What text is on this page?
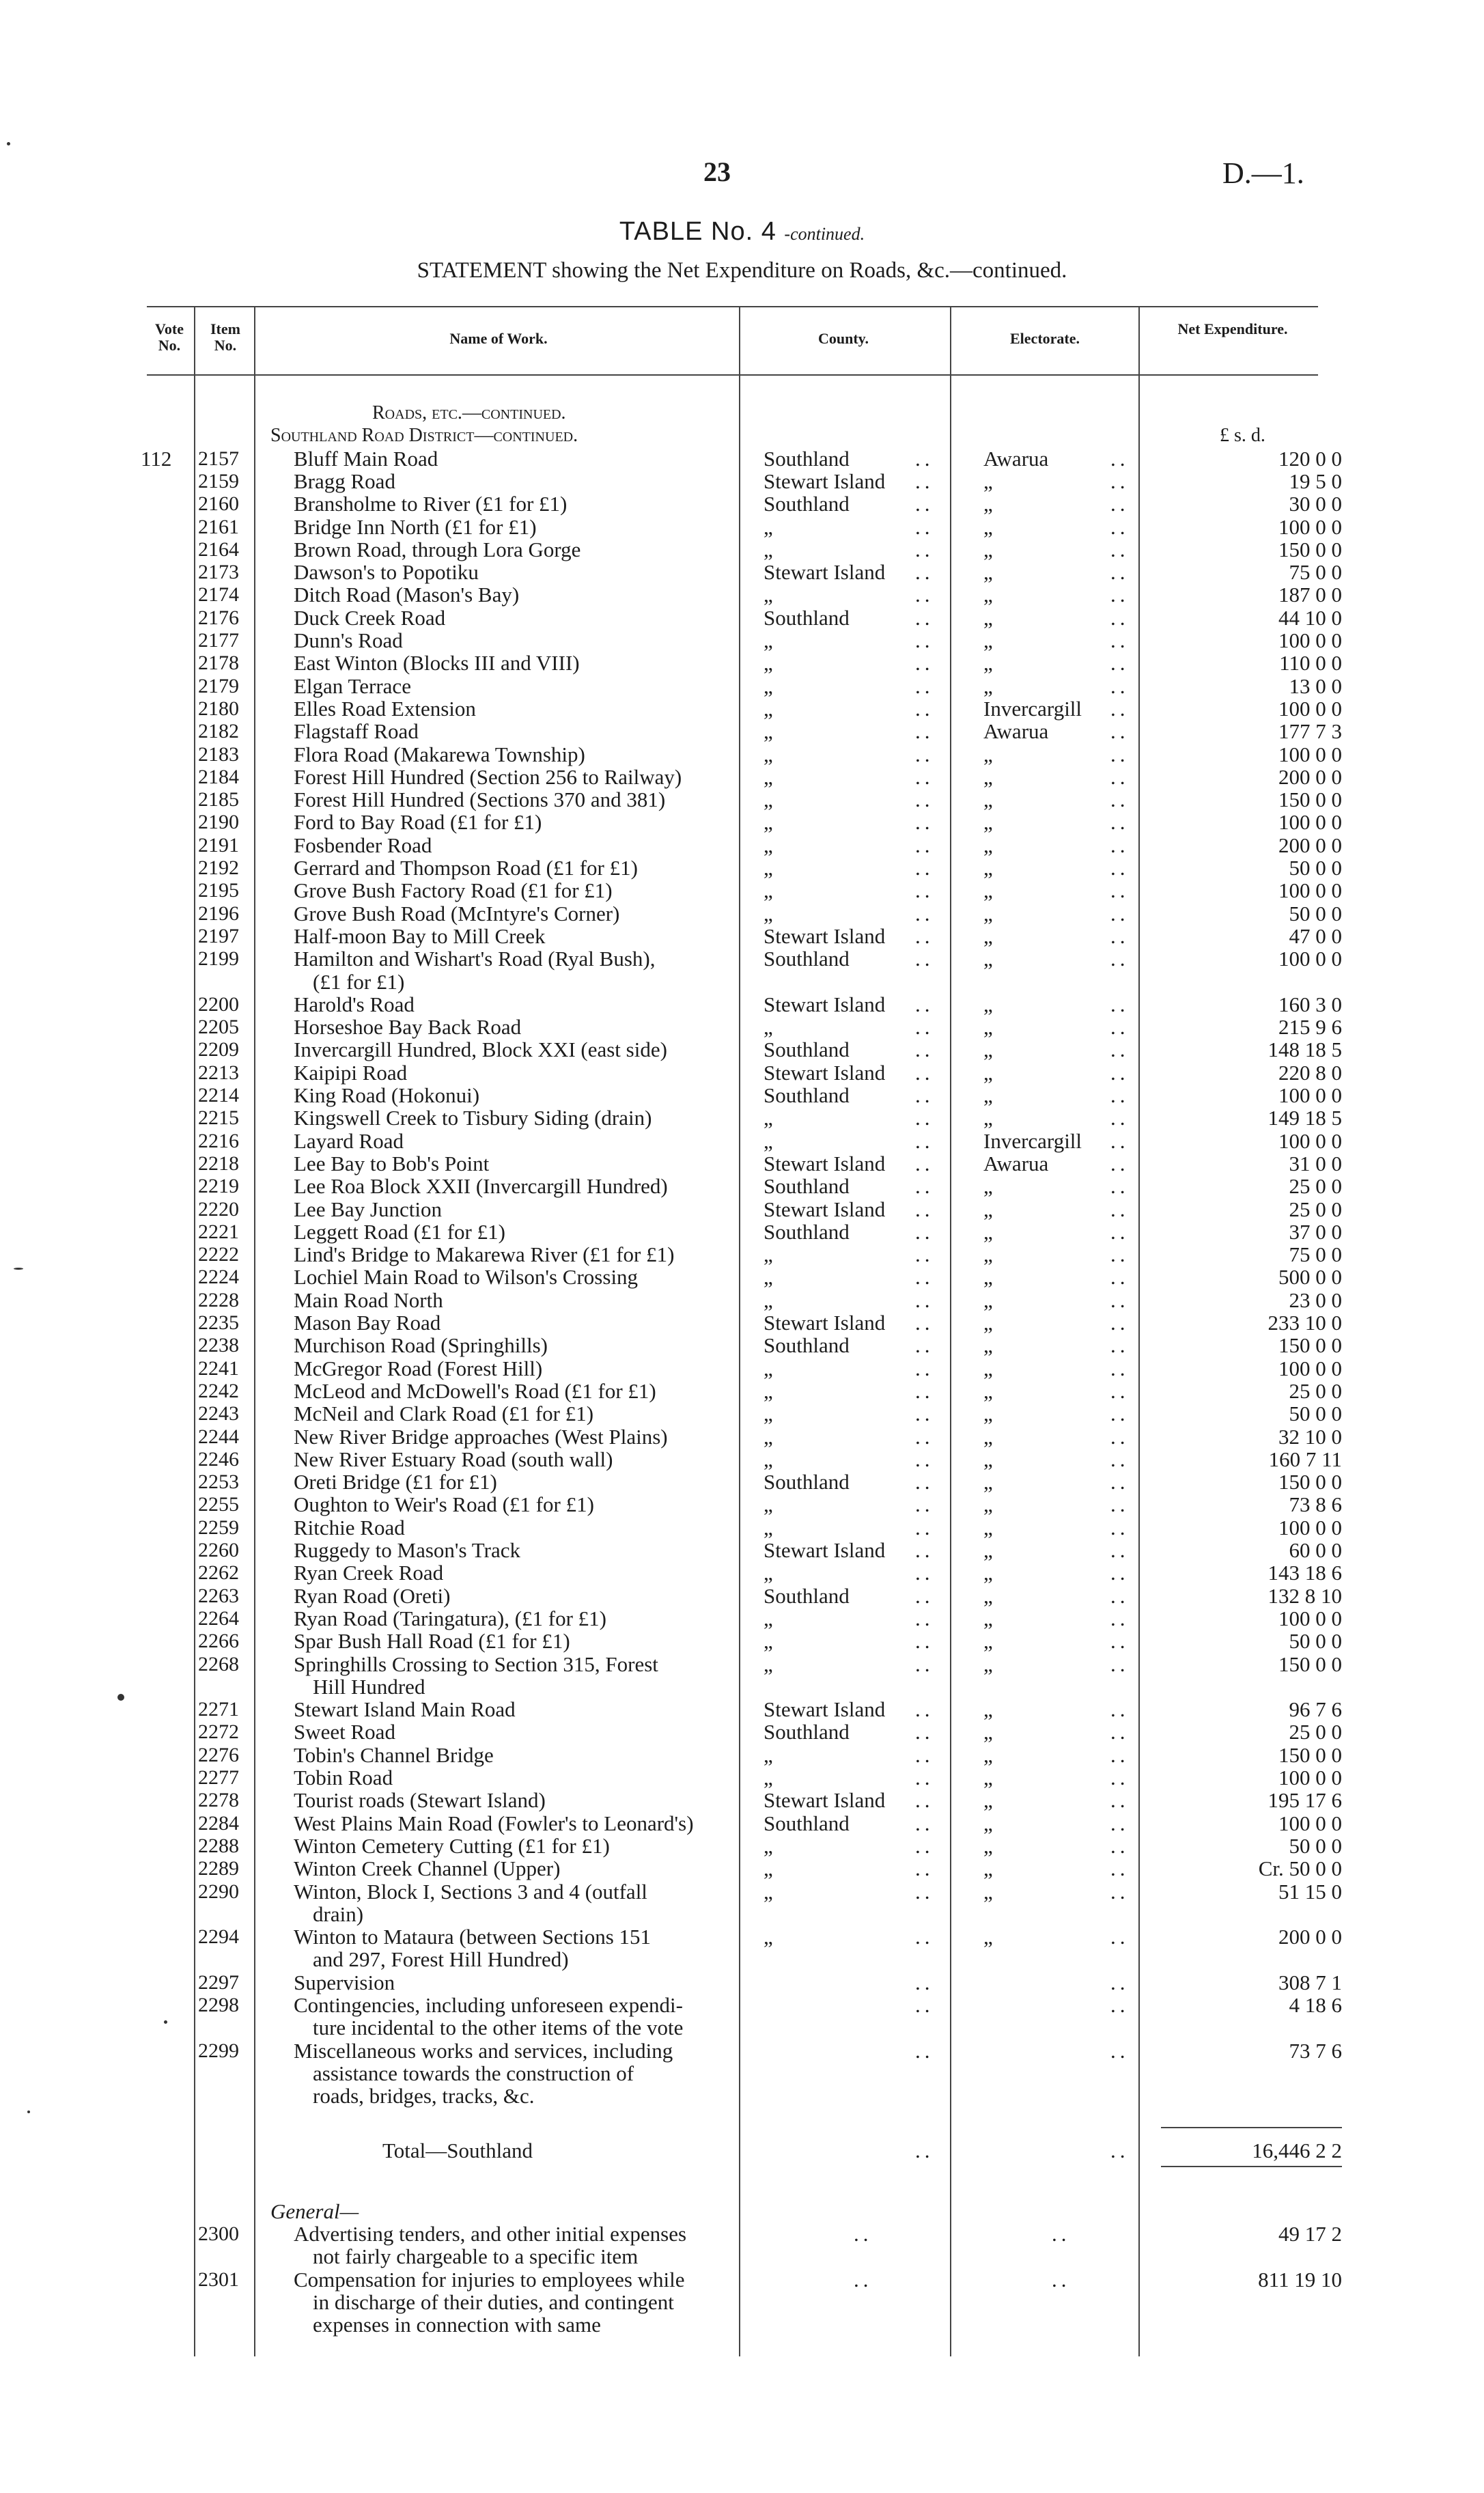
23	D.—1.
TABLE No. 4 -continued.
STATEMENT showing the Net Expenditure on Roads, &c.—continued.
Vote No.
Item No.	Name of Work.	County.	Electorate.
Net Expenditure.
Roads, etc.—continued.
Southland Road District—continued.	£ s. d.
112 2157	Bluff Main Road	Southland	.. Awarua	..	120 0 0
2159	Bragg Road	Stewart Island .. „	..	19 5 0
2160	Bransholme to River (£1 for £1)	Southland	.. „	..	30 0 0
2161	Bridge Inn North (£1 for £1)	„	.. „	..	100 0 0
2164	Brown Road, through Lora Gorge	„	.. „	..	150 0 0
2173	Dawson's to Popotiku	Stewart Island .. „	..	75 0 0
2174	Ditch Road (Mason's Bay)	„	.. „	..	187 0 0
2176	Duck Creek Road	Southland	.. „	..	44 10 0
2177	Dunn's Road	„	.. „	..	100 0 0
2178	East Winton (Blocks III and VIII)	„	.. „	..	110 0 0
2179	Elgan Terrace	„	.. „	..	13 0 0
2180	Elles Road Extension	„	.. Invercargill ..	100 0 0
2182	Flagstaff Road	„	.. Awarua	..	177 7 3
2183	Flora Road (Makarewa Township)	„	.. „	..	100 0 0
2184	Forest Hill Hundred (Section 256 to Railway)	„	.. „	..	200 0 0
2185	Forest Hill Hundred (Sections 370 and 381)	„	.. „	..	150 0 0
2190	Ford to Bay Road (£1 for £1)	„	.. „	..	100 0 0
2191	Fosbender Road	„	.. „	..	200 0 0
2192	Gerrard and Thompson Road (£1 for £1)	„	.. „	..	50 0 0
2195	Grove Bush Factory Road (£1 for £1)	„	.. „	..	100 0 0
2196	Grove Bush Road (McIntyre's Corner)	„	.. „	..	50 0 0
2197	Half-moon Bay to Mill Creek	Stewart Island .. „	..	47 0 0
2199	Hamilton and Wishart's Road (Ryal Bush),
(£1 for £1)
Southland	.. „	..	100 0 0
2200	Harold's Road	Stewart Island .. „	..	160 3 0
2205	Horseshoe Bay Back Road	„	.. „	..	215 9 6
2209	Invercargill Hundred, Block XXI (east side)	Southland	.. „	..	148 18 5
2213	Kaipipi Road	Stewart Island .. „	..	220 8 0
2214	King Road (Hokonui)	Southland	.. „	..	100 0 0
2215	Kingswell Creek to Tisbury Siding (drain)	„	.. „	..	149 18 5
2216	Layard Road	„	.. Invercargill ..	100 0 0
2218	Lee Bay to Bob's Point	Stewart Island .. Awarua	..	31 0 0
2219	Lee Roa Block XXII (Invercargill Hundred)	Southland	.. „	..	25 0 0
2220	Lee Bay Junction	Stewart Island .. „	..	25 0 0
2221	Leggett Road (£1 for £1)	Southland	.. „	..	37 0 0
2222	Lind's Bridge to Makarewa River (£1 for £1)	„	.. „	..	75 0 0
2224	Lochiel Main Road to Wilson's Crossing	„	.. „	..	500 0 0
2228	Main Road North	„	.. „	..	23 0 0
2235	Mason Bay Road	Stewart Island .. „	..	233 10 0
2238	Murchison Road (Springhills)	Southland	.. „	..	150 0 0
2241	McGregor Road (Forest Hill)	„	.. „	..	100 0 0
2242	McLeod and McDowell's Road (£1 for £1)	„	.. „	..	25 0 0
2243	McNeil and Clark Road (£1 for £1)	„	.. „	..	50 0 0
2244	New River Bridge approaches (West Plains)	„	.. „	..	32 10 0
2246	New River Estuary Road (south wall)	„	.. „	..	160 7 11
2253	Oreti Bridge (£1 for £1)	Southland	.. „	..	150 0 0
2255	Oughton to Weir's Road (£1 for £1)	„	.. „	..	73 8 6
2259	Ritchie Road	„	.. „	..	100 0 0
2260	Ruggedy to Mason's Track	Stewart Island .. „	..	60 0 0
2262	Ryan Creek Road	„	.. „	..	143 18 6
2263	Ryan Road (Oreti)	Southland	.. „	..	132 8 10
2264	Ryan Road (Taringatura), (£1 for £1)	„	.. „	..	100 0 0
2266	Spar Bush Hall Road (£1 for £1)	„	.. „	..	50 0 0
2268	Springhills Crossing to Section 315, Forest
Hill Hundred
„	.. „	..	150 0 0
2271	Stewart Island Main Road	Stewart Island .. „	..	96 7 6
2272	Sweet Road	Southland	.. „	..	25 0 0
2276	Tobin's Channel Bridge	„	.. „	..	150 0 0
2277	Tobin Road	„	.. „	..	100 0 0
2278	Tourist roads (Stewart Island)	Stewart Island .. „	..	195 17 6
2284	West Plains Main Road (Fowler's to Leonard's)	Southland	.. „	..	100 0 0
2288	Winton Cemetery Cutting (£1 for £1)	„	.. „	..	50 0 0
2289	Winton Creek Channel (Upper)	„	.. „	..	Cr. 50 0 0
2290	Winton, Block I, Sections 3 and 4 (outfall
drain)
„	.. „	..	51 15 0
2294	Winton to Mataura (between Sections 151
and 297, Forest Hill Hundred)
„	.. „	..	200 0 0
2297	Supervision	..	..	308 7 1
2298	Contingencies, including unforeseen expendi-
ture incidental to the other items of the vote
..	..	4 18 6
2299	Miscellaneous works and services, including
assistance towards the construction of
roads, bridges, tracks, &c.
..	..	73 7 6
Total—Southland	..	..	16,446 2 2
General—
2300	Advertising tenders, and other initial expenses
not fairly chargeable to a specific item
..	..	49 17 2
2301	Compensation for injuries to employees while
in discharge of their duties, and contingent
expenses in connection with same
..	..	811 19 10
